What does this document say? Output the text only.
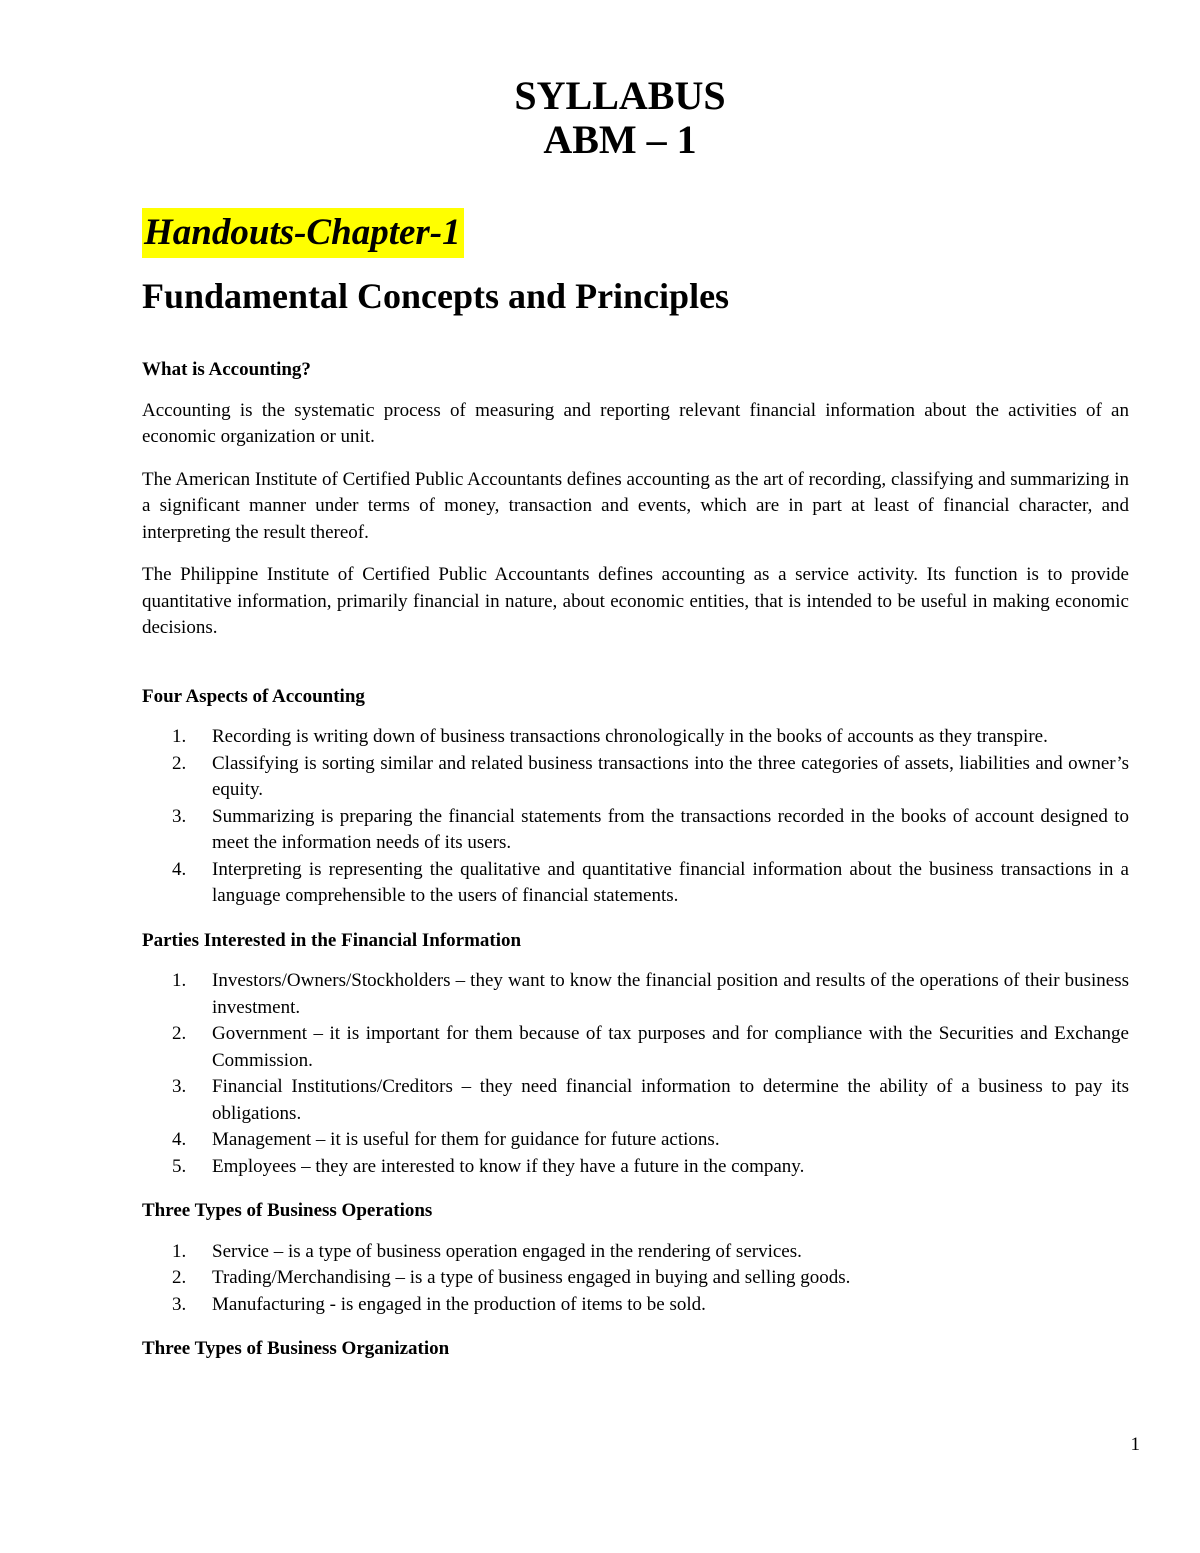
SYLLABUS
ABM – 1
Handouts-Chapter-1
Fundamental Concepts and Principles

What is Accounting?

Accounting is the systematic process of measuring and reporting relevant financial information about the activities of an economic organization or unit.

The American Institute of Certified Public Accountants defines accounting as the art of recording, classifying and summarizing in a significant manner under terms of money, transaction and events, which are in part at least of financial character, and interpreting the result thereof.

The Philippine Institute of Certified Public Accountants defines accounting as a service activity. Its function is to provide quantitative information, primarily financial in nature, about economic entities, that is intended to be useful in making economic decisions.

Four Aspects of Accounting

1.	Recording is writing down of business transactions chronologically in the books of accounts as they transpire.
2.	Classifying is sorting similar and related business transactions into the three categories of assets, liabilities and owner’s equity.
3.	Summarizing is preparing the financial statements from the transactions recorded in the books of account designed to meet the information needs of its users.
4.	Interpreting is representing the qualitative and quantitative financial information about the business transactions in a language comprehensible to the users of financial statements.

Parties Interested in the Financial Information

1.	Investors/Owners/Stockholders – they want to know the financial position and results of the operations of their business investment.
2.	Government – it is important for them because of tax purposes and for compliance with the Securities and Exchange Commission.
3.	Financial Institutions/Creditors – they need financial information to determine the ability of a business to pay its obligations.
4.	Management – it is useful for them for guidance for future actions.
5.	Employees – they are interested to know if they have a future in the company.

Three Types of Business Operations

1.	Service – is a type of business operation engaged in the rendering of services.
2.	Trading/Merchandising – is a type of business engaged in buying and selling goods.
3.	Manufacturing - is engaged in the production of items to be sold.

Three Types of Business Organization

1
